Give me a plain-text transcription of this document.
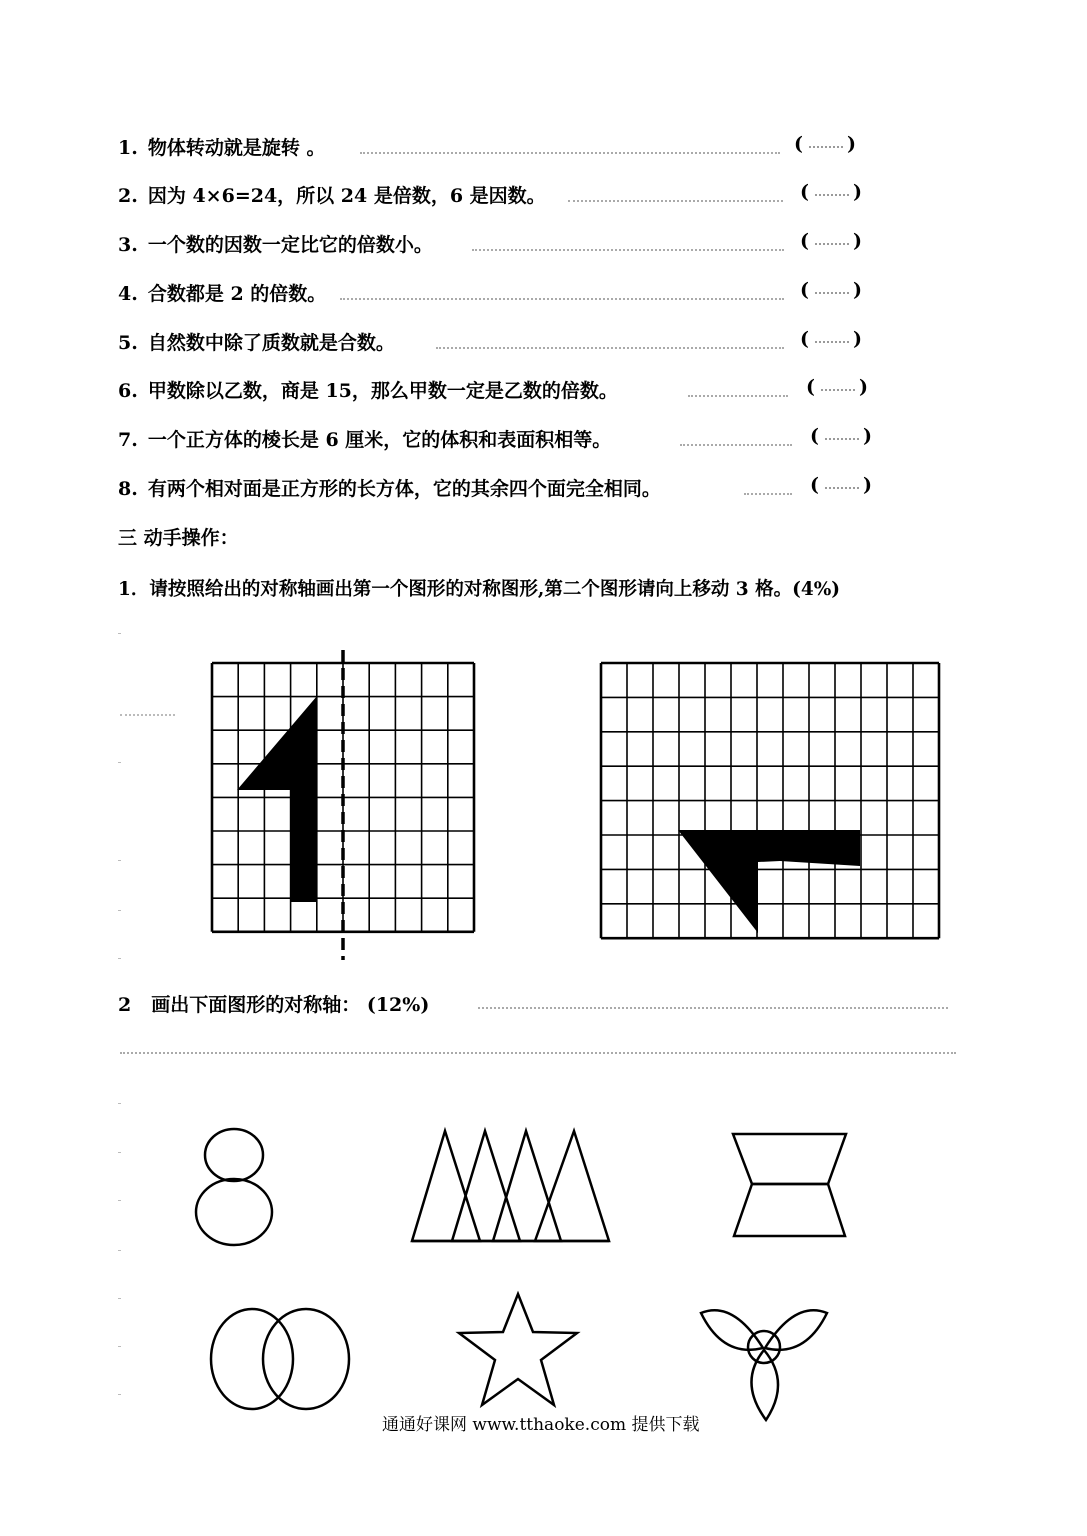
1. 物体转动就是旋转 。	( )
2. 因为 4×6=24，所以 24 是倍数，6 是因数。	( )
3. 一个数的因数一定比它的倍数小。	( )
4. 合数都是 2 的倍数。	( )
5. 自然数中除了质数就是合数。	( )
6. 甲数除以乙数，商是 15，那么甲数一定是乙数的倍数。	( )
7. 一个正方体的棱长是 6 厘米，它的体积和表面积相等。	( )
8. 有两个相对面是正方形的长方体，它的其余四个面完全相同。	( )
三 动手操作：
1．请按照给出的对称轴画出第一个图形的对称图形,第二个图形请向上移动 3 格。(4%)
2 画出下面图形的对称轴： (12%)
通通好课网 www.tthaoke.com 提供下载
